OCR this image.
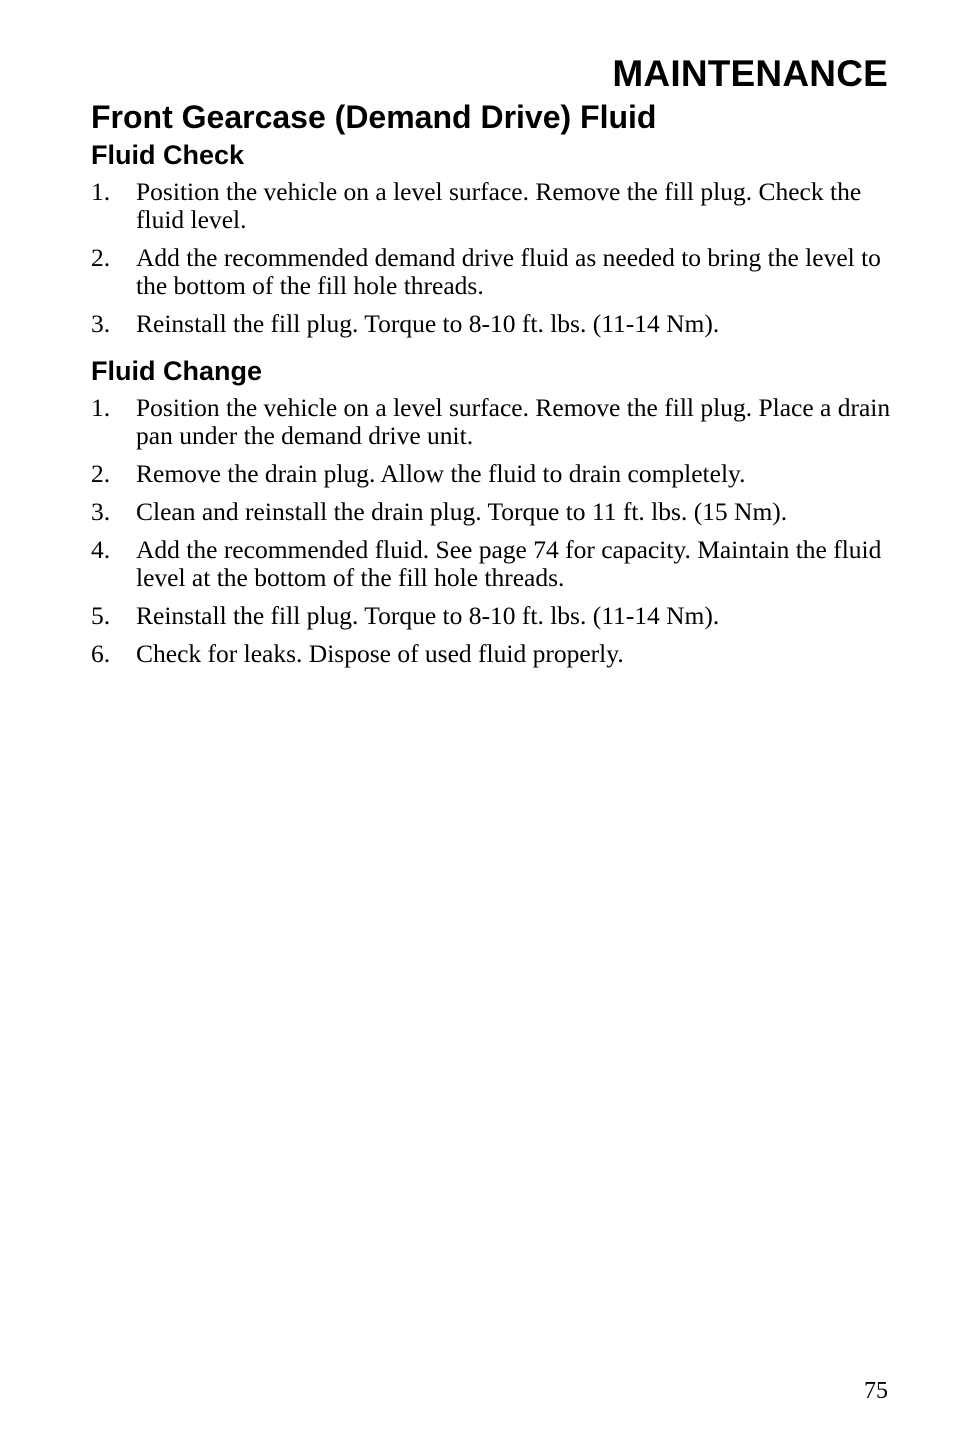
MAINTENANCE
Front Gearcase (Demand Drive) Fluid
Fluid Check
1. Position the vehicle on a level surface. Remove the fill plug. Check the fluid level.
2. Add the recommended demand drive fluid as needed to bring the level to the bottom of the fill hole threads.
3. Reinstall the fill plug. Torque to 8-10 ft. lbs. (11-14 Nm).
Fluid Change
1. Position the vehicle on a level surface. Remove the fill plug. Place a drain pan under the demand drive unit.
2. Remove the drain plug. Allow the fluid to drain completely.
3. Clean and reinstall the drain plug. Torque to 11 ft. lbs. (15 Nm).
4. Add the recommended fluid. See page 74 for capacity. Maintain the fluid level at the bottom of the fill hole threads.
5. Reinstall the fill plug. Torque to 8-10 ft. lbs. (11-14 Nm).
6. Check for leaks. Dispose of used fluid properly.

75
